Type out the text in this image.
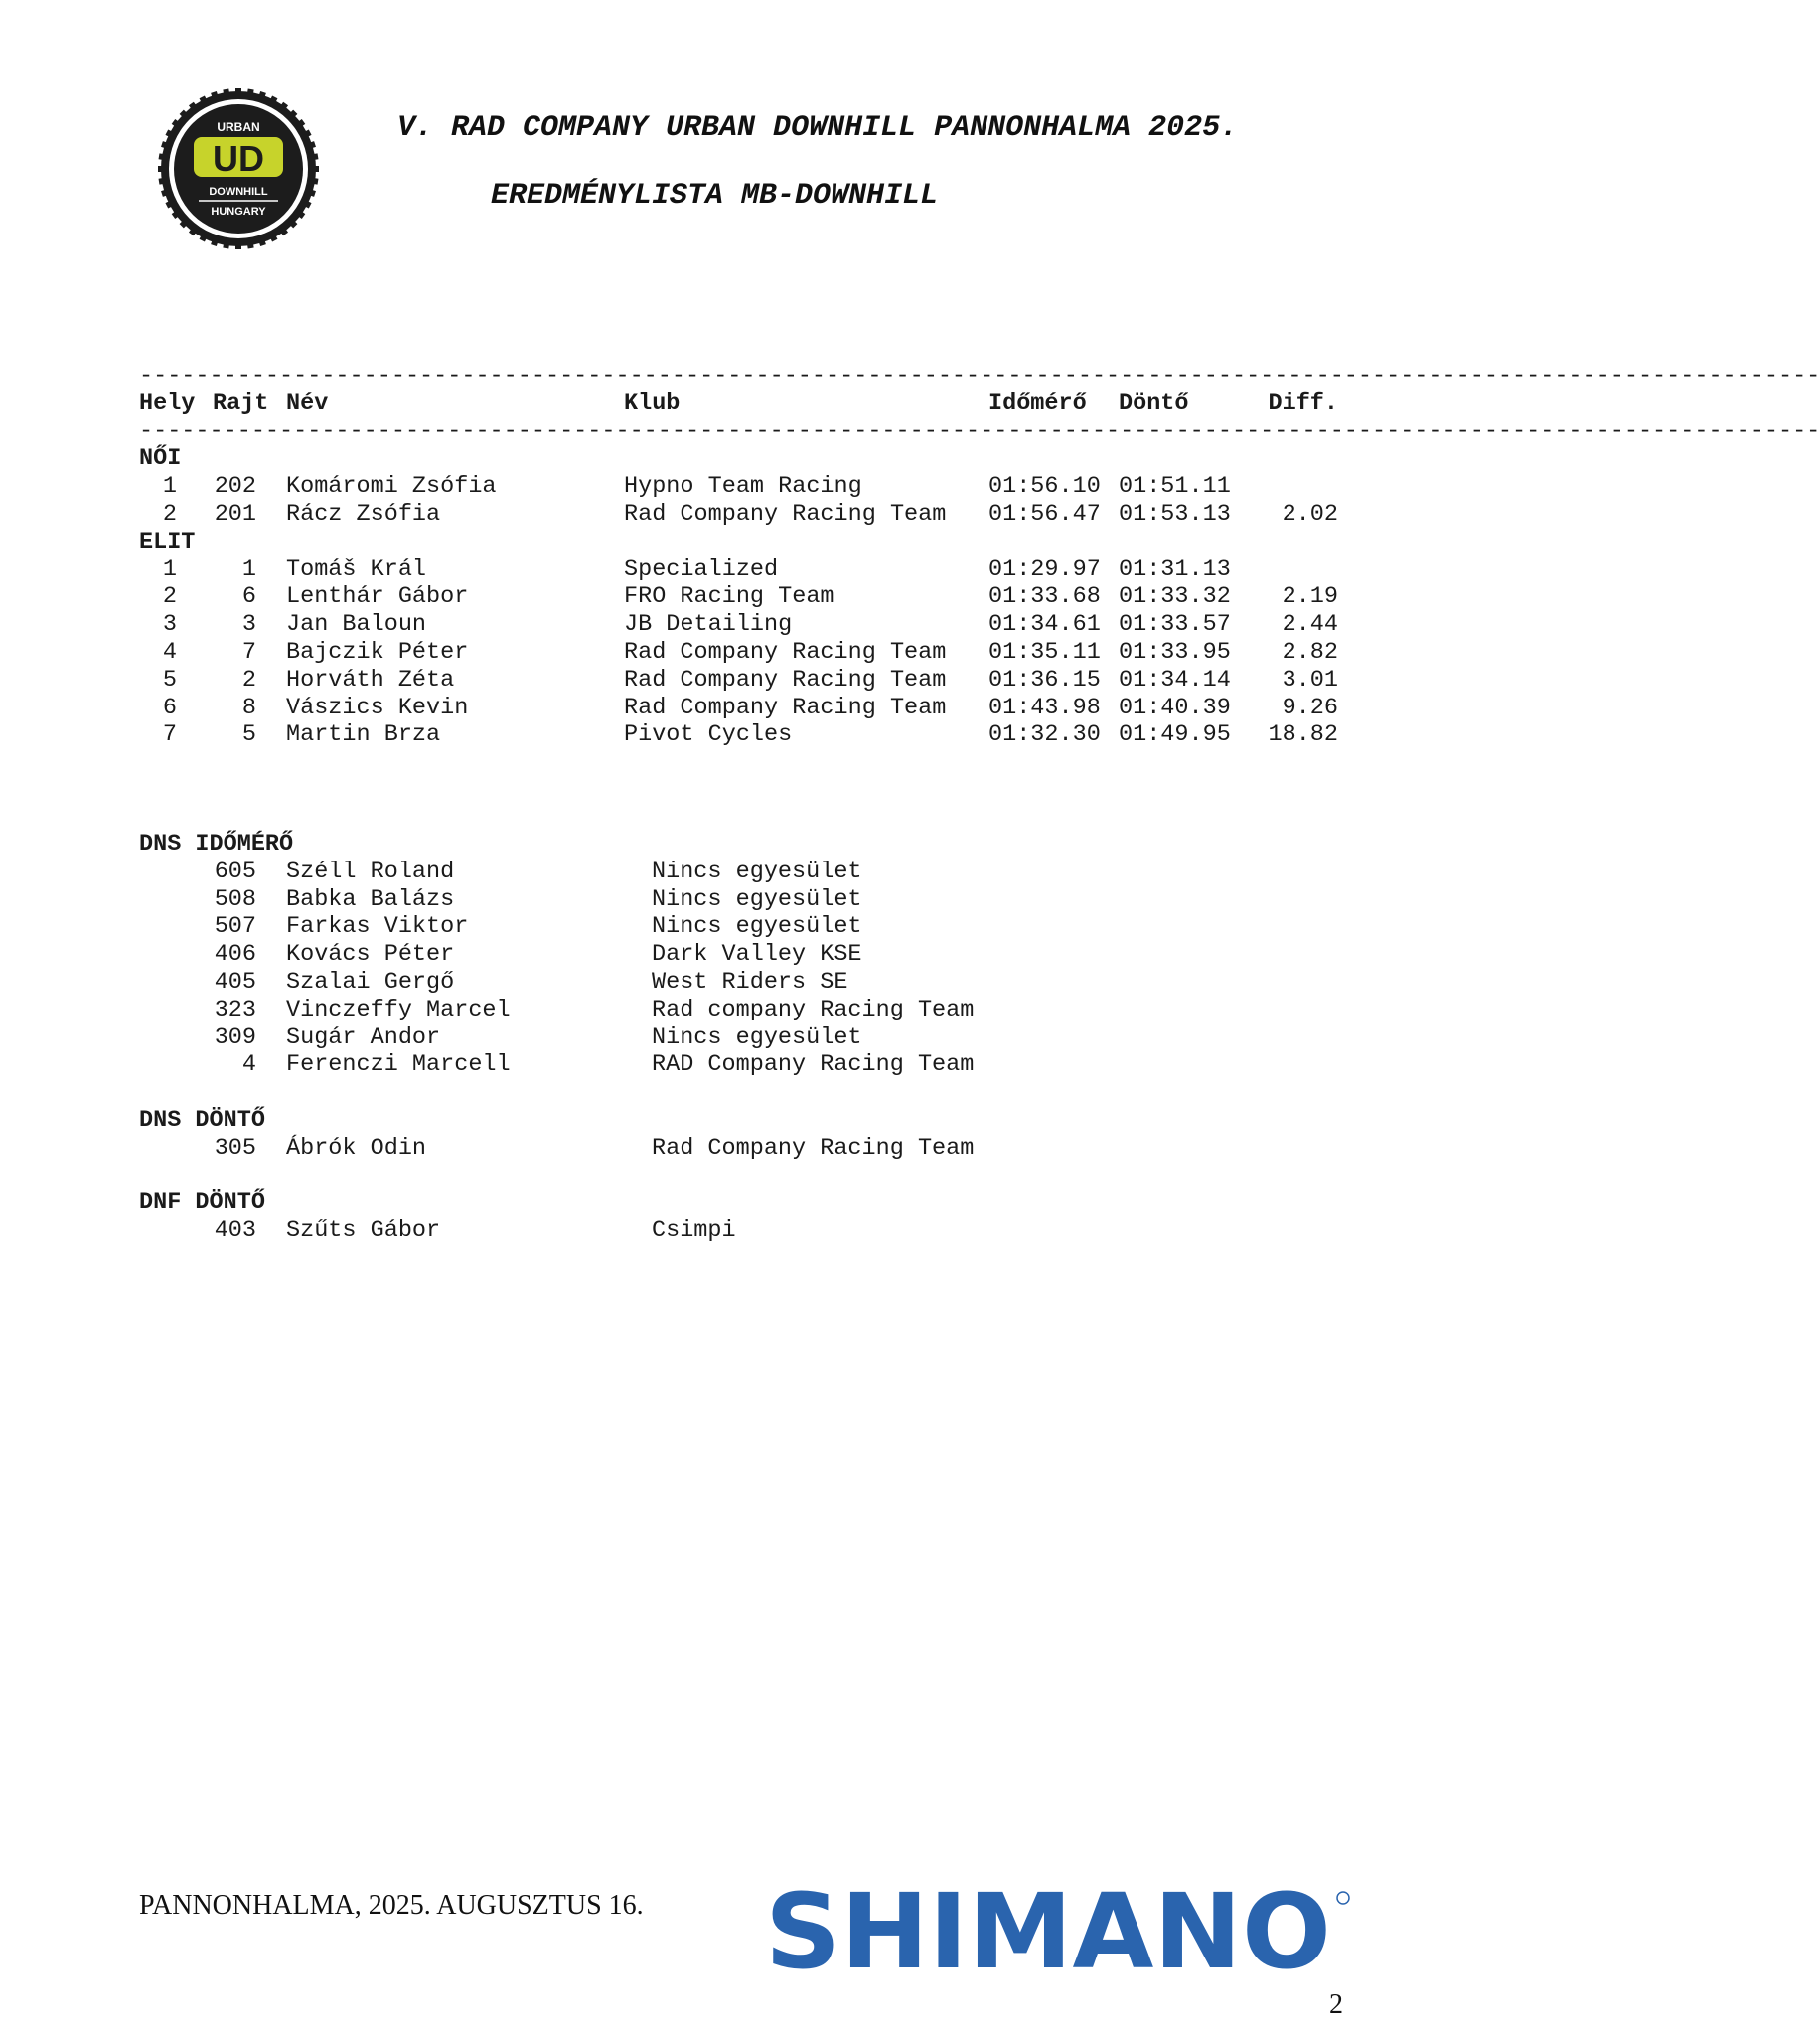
URBAN
UD
DOWNHILL
HUNGARY
V. RAD COMPANY URBAN DOWNHILL PANNONHALMA 2025.
EREDMÉNYLISTA MB-DOWNHILL
------------------------------------------------------------------------------------------------------------------------
Hely Rajt Név	Klub	Időmérő Döntő	Diff.
------------------------------------------------------------------------------------------------------------------------
NŐI
1 202 Komáromi Zsófia	Hypno Team Racing	01:56.10 01:51.11
2 201 Rácz Zsófia	Rad Company Racing Team 01:56.47 01:53.13 2.02
ELIT
1	1 Tomáš Král	Specialized	01:29.97 01:31.13
2	6 Lenthár Gábor	FRO Racing Team	01:33.68 01:33.32 2.19
3	3 Jan Baloun	JB Detailing	01:34.61 01:33.57 2.44
4	7 Bajczik Péter	Rad Company Racing Team 01:35.11 01:33.95 2.82
5	2 Horváth Zéta	Rad Company Racing Team 01:36.15 01:34.14 3.01
6	8 Vászics Kevin	Rad Company Racing Team 01:43.98 01:40.39 9.26
7	5 Martin Brza	Pivot Cycles	01:32.30 01:49.95 18.82
DNS IDŐMÉRŐ
605 Széll Roland	Nincs egyesület
508 Babka Balázs	Nincs egyesület
507 Farkas Viktor	Nincs egyesület
406 Kovács Péter	Dark Valley KSE
405 Szalai Gergő	West Riders SE
323 Vinczeffy Marcel	Rad company Racing Team
309 Sugár Andor	Nincs egyesület
4 Ferenczi Marcell	RAD Company Racing Team
DNS DÖNTŐ
305 Ábrók Odin	Rad Company Racing Team
DNF DÖNTŐ
403 Szűts Gábor	Csimpi
PANNONHALMA, 2025. AUGUSZTUS 16. SHIMANO
2
